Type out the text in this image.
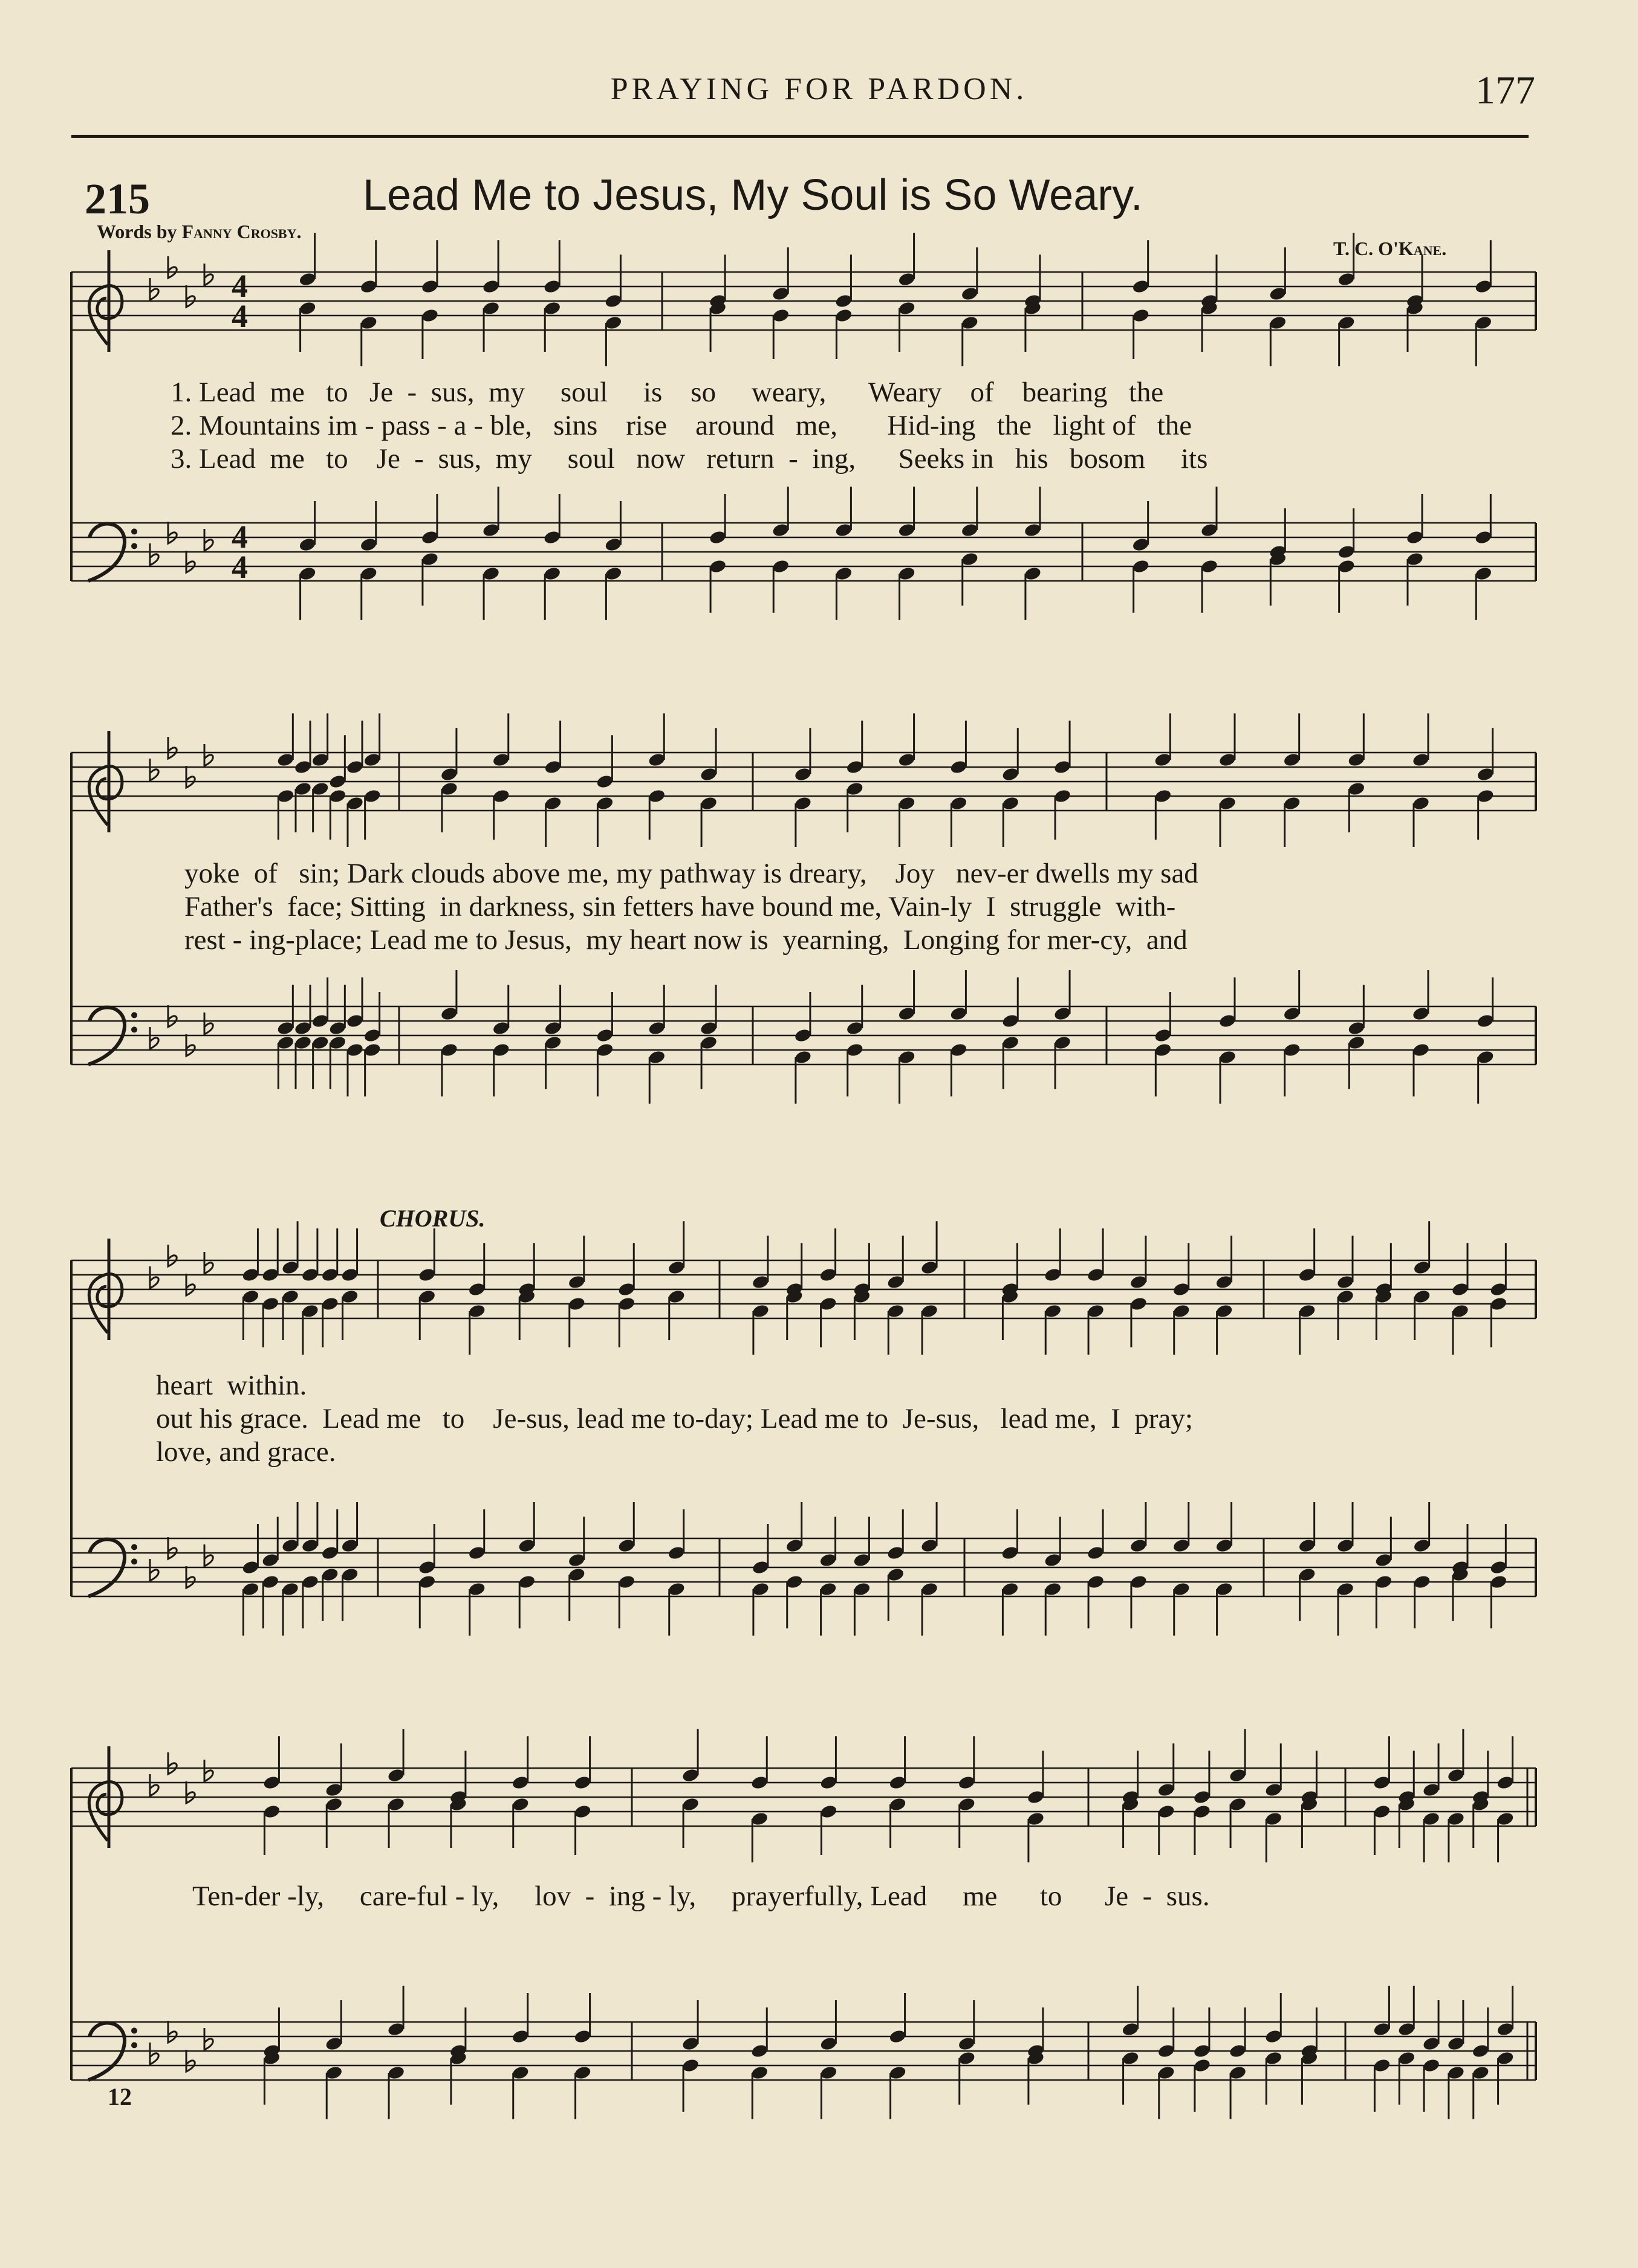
PRAYING FOR PARDON.	177
215	Lead Me to Jesus, My Soul is So Weary.
Words by Fanny Crosby.
T. C. O'Kane.
4
4
4
4
1. Lead  me   to   Je  -  sus,  my     soul     is    so     weary,      Weary    of    bearing   the
2. Mountains im - pass - a - ble,   sins    rise    around   me,       Hid-ing   the   light of   the
3. Lead  me   to    Je  -  sus,  my     soul   now   return  -  ing,      Seeks in   his   bosom     its
yoke  of   sin; Dark clouds above me, my pathway is dreary,    Joy   nev-er dwells my sad
Father's  face; Sitting  in darkness, sin fetters have bound me, Vain-ly  I  struggle  with-
rest - ing-place; Lead me to Jesus,  my heart now is  yearning,  Longing for mer-cy,  and
CHORUS.
heart  within.
out his grace.  Lead me   to    Je-sus, lead me to-day; Lead me to  Je-sus,   lead me,  I  pray;
love, and grace.
Ten-der -ly,     care-ful - ly,     lov  -  ing - ly,     prayerfully, Lead     me      to      Je  -  sus.
12
